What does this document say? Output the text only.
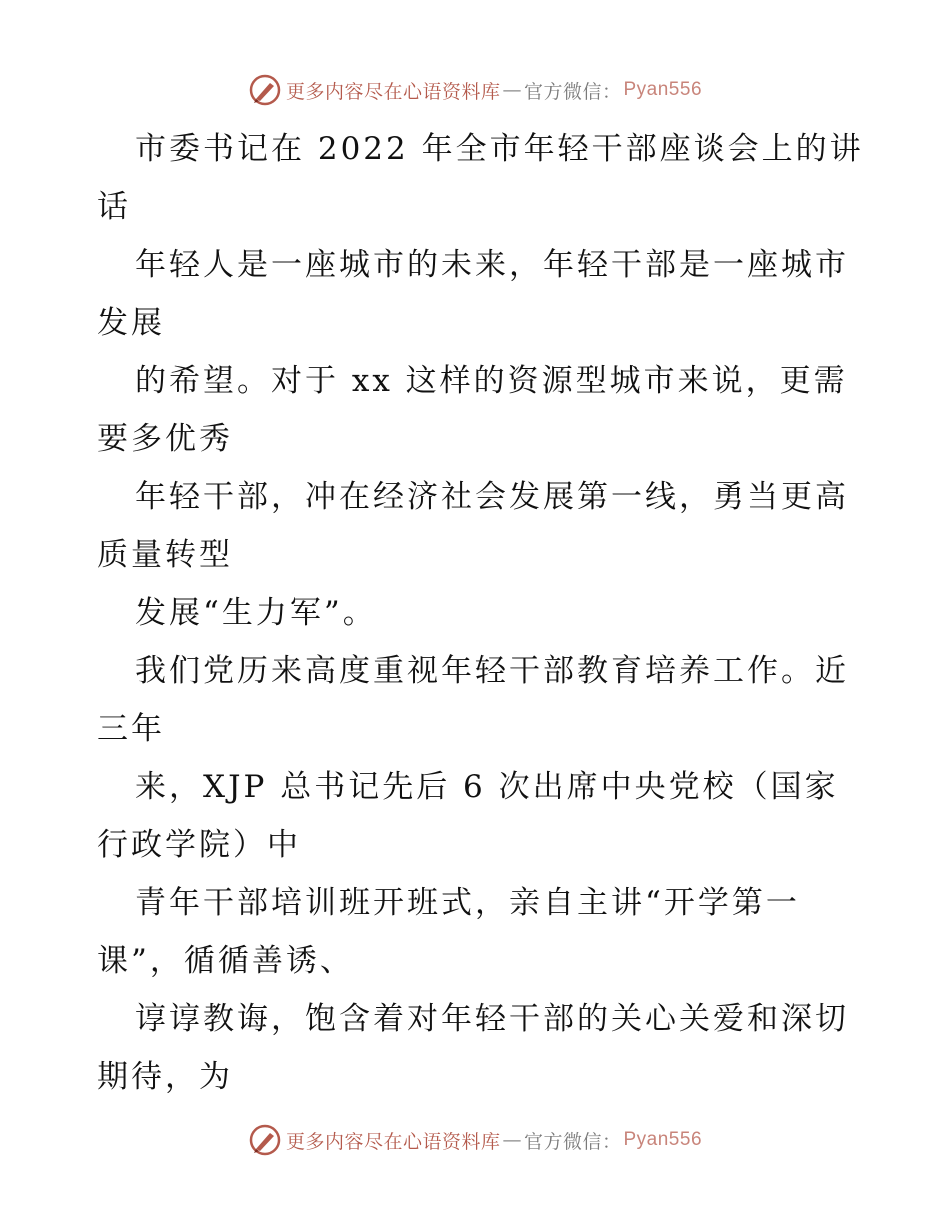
更多内容尽在心语资料库 — 官方微信： Pyan556
市委书记在 2022 年全市年轻干部座谈会上的讲
话
年轻人是一座城市的未来，年轻干部是一座城市
发展
的希望。对于 xx 这样的资源型城市来说，更需
要多优秀
年轻干部，冲在经济社会发展第一线，勇当更高
质量转型
发展“生力军”。
我们党历来高度重视年轻干部教育培养工作。近
三年
来，XJP 总书记先后 6 次出席中央党校（国家
行政学院）中
青年干部培训班开班式，亲自主讲“开学第一
课”，循循善诱、
谆谆教诲，饱含着对年轻干部的关心关爱和深切
期待，为
更多内容尽在心语资料库 — 官方微信： Pyan556
